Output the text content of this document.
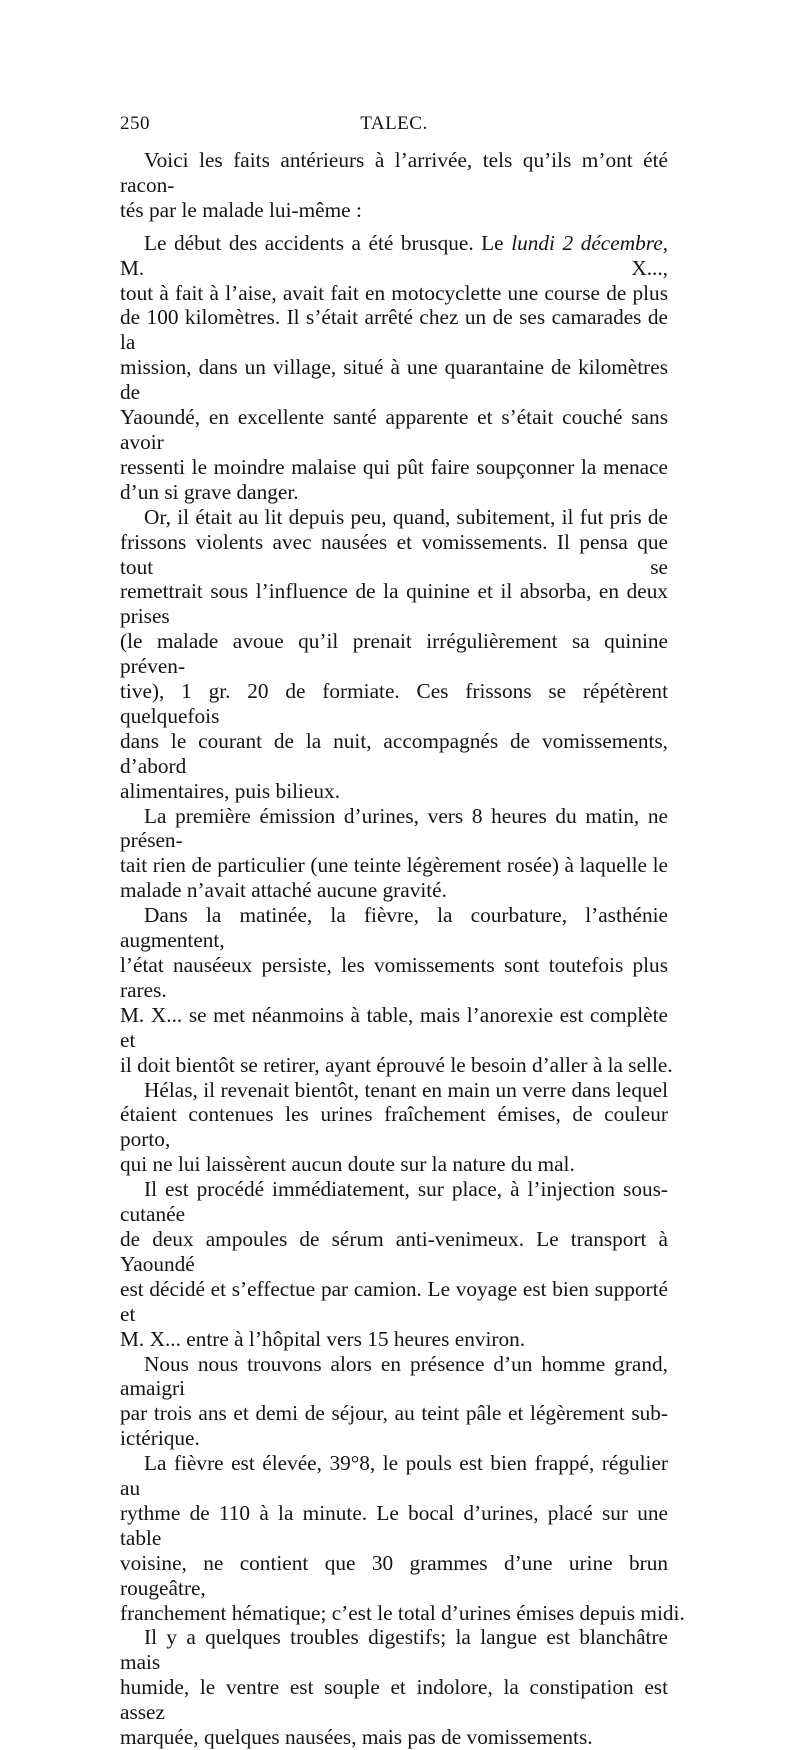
250	TALEC.
Voici les faits antérieurs à l’arrivée, tels qu’ils m’ont été racon-
tés par le malade lui-même :
Le début des accidents a été brusque. Le lundi 2 décembre, M. X...,
tout à fait à l’aise, avait fait en motocyclette une course de plus
de 100 kilomètres. Il s’était arrêté chez un de ses camarades de la
mission, dans un village, situé à une quarantaine de kilomètres de
Yaoundé, en excellente santé apparente et s’était couché sans avoir
ressenti le moindre malaise qui pût faire soupçonner la menace
d’un si grave danger.
Or, il était au lit depuis peu, quand, subitement, il fut pris de
frissons violents avec nausées et vomissements. Il pensa que tout se
remettrait sous l’influence de la quinine et il absorba, en deux prises
(le malade avoue qu’il prenait irrégulièrement sa quinine préven-
tive), 1 gr. 20 de formiate. Ces frissons se répétèrent quelquefois
dans le courant de la nuit, accompagnés de vomissements, d’abord
alimentaires, puis bilieux.
La première émission d’urines, vers 8 heures du matin, ne présen-
tait rien de particulier (une teinte légèrement rosée) à laquelle le
malade n’avait attaché aucune gravité.
Dans la matinée, la fièvre, la courbature, l’asthénie augmentent,
l’état nauséeux persiste, les vomissements sont toutefois plus rares.
M. X... se met néanmoins à table, mais l’anorexie est complète et
il doit bientôt se retirer, ayant éprouvé le besoin d’aller à la selle.
Hélas, il revenait bientôt, tenant en main un verre dans lequel
étaient contenues les urines fraîchement émises, de couleur porto,
qui ne lui laissèrent aucun doute sur la nature du mal.
Il est procédé immédiatement, sur place, à l’injection sous-cutanée
de deux ampoules de sérum anti-venimeux. Le transport à Yaoundé
est décidé et s’effectue par camion. Le voyage est bien supporté et
M. X... entre à l’hôpital vers 15 heures environ.
Nous nous trouvons alors en présence d’un homme grand, amaigri
par trois ans et demi de séjour, au teint pâle et légèrement sub-
ictérique.
La fièvre est élevée, 39°8, le pouls est bien frappé, régulier au
rythme de 110 à la minute. Le bocal d’urines, placé sur une table
voisine, ne contient que 30 grammes d’une urine brun rougeâtre,
franchement hématique; c’est le total d’urines émises depuis midi.
Il y a quelques troubles digestifs; la langue est blanchâtre mais
humide, le ventre est souple et indolore, la constipation est assez
marquée, quelques nausées, mais pas de vomissements.
